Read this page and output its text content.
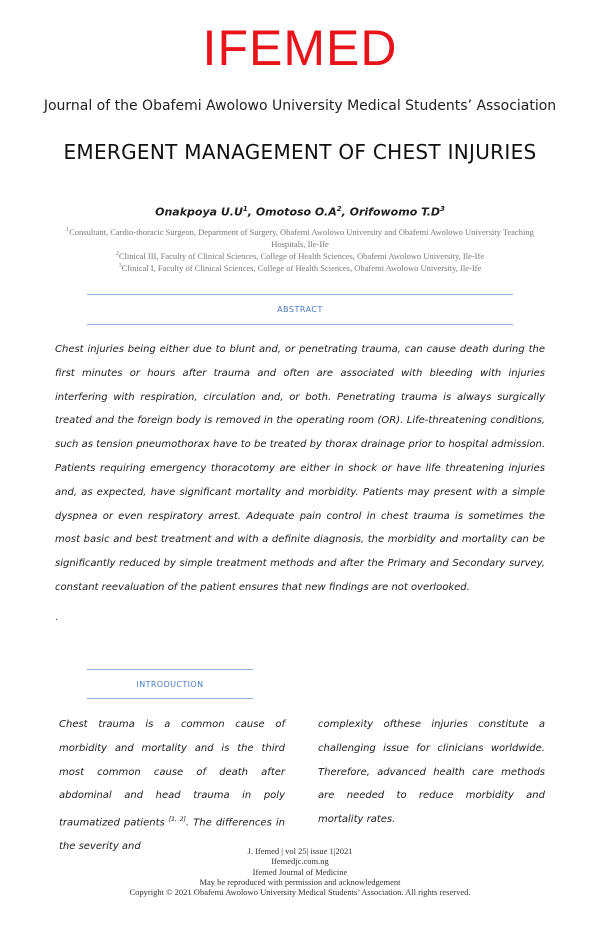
IFEMED
Journal of the Obafemi Awolowo University Medical Students’ Association
EMERGENT MANAGEMENT OF CHEST INJURIES
Onakpoya $U.U^1$, Omotoso $O.A^2$, Orifowomo $T.D^3$
$^1$Consultant, Cardio-thoracic Surgeon, Department of Surgery, Obafemi Awolowo University and Obafemi Awolowo University Teaching Hospitals, Ile-Ife
$^2$Clinical III, Faculty of Clinical Sciences, College of Health Sciences, Obafemi Awolowo University, Ile-Ife
$^3$Clinical I, Faculty of Clinical Sciences, College of Health Sciences, Obafemi Awolowo University, Ile-Ife
ABSTRACT
Chest injuries being either due to blunt and, or penetrating trauma, can cause death during the first minutes or hours after trauma and often are associated with bleeding with injuries interfering with respiration, circulation and, or both. Penetrating trauma is always surgically treated and the foreign body is removed in the operating room (OR). Life-threatening conditions, such as tension pneumothorax have to be treated by thorax drainage prior to hospital admission. Patients requiring emergency thoracotomy are either in shock or have life threatening injuries and, as expected, have significant mortality and morbidity. Patients may present with a simple dyspnea or even respiratory arrest. Adequate pain control in chest trauma is sometimes the most basic and best treatment and with a definite diagnosis, the morbidity and mortality can be significantly reduced by simple treatment methods and after the Primary and Secondary survey, constant reevaluation of the patient ensures that new findings are not overlooked.
.
INTRODUCTION
Chest trauma is a common cause of morbidity and mortality and is the third most common cause of death after abdominal and head trauma in poly traumatized patients [1, 2]. The differences in the severity and
complexity ofthese injuries constitute a challenging issue for clinicians worldwide. Therefore, advanced health care methods are needed to reduce morbidity and mortality rates.
J. Ifemed | vol 25| issue 1|2021
Ifemedjc.com.ng
Ifemed Journal of Medicine
May be reproduced with permission and acknowledgement
Copyright © 2021 Obafemi Awolowo University Medical Students’ Association. All rights reserved.
